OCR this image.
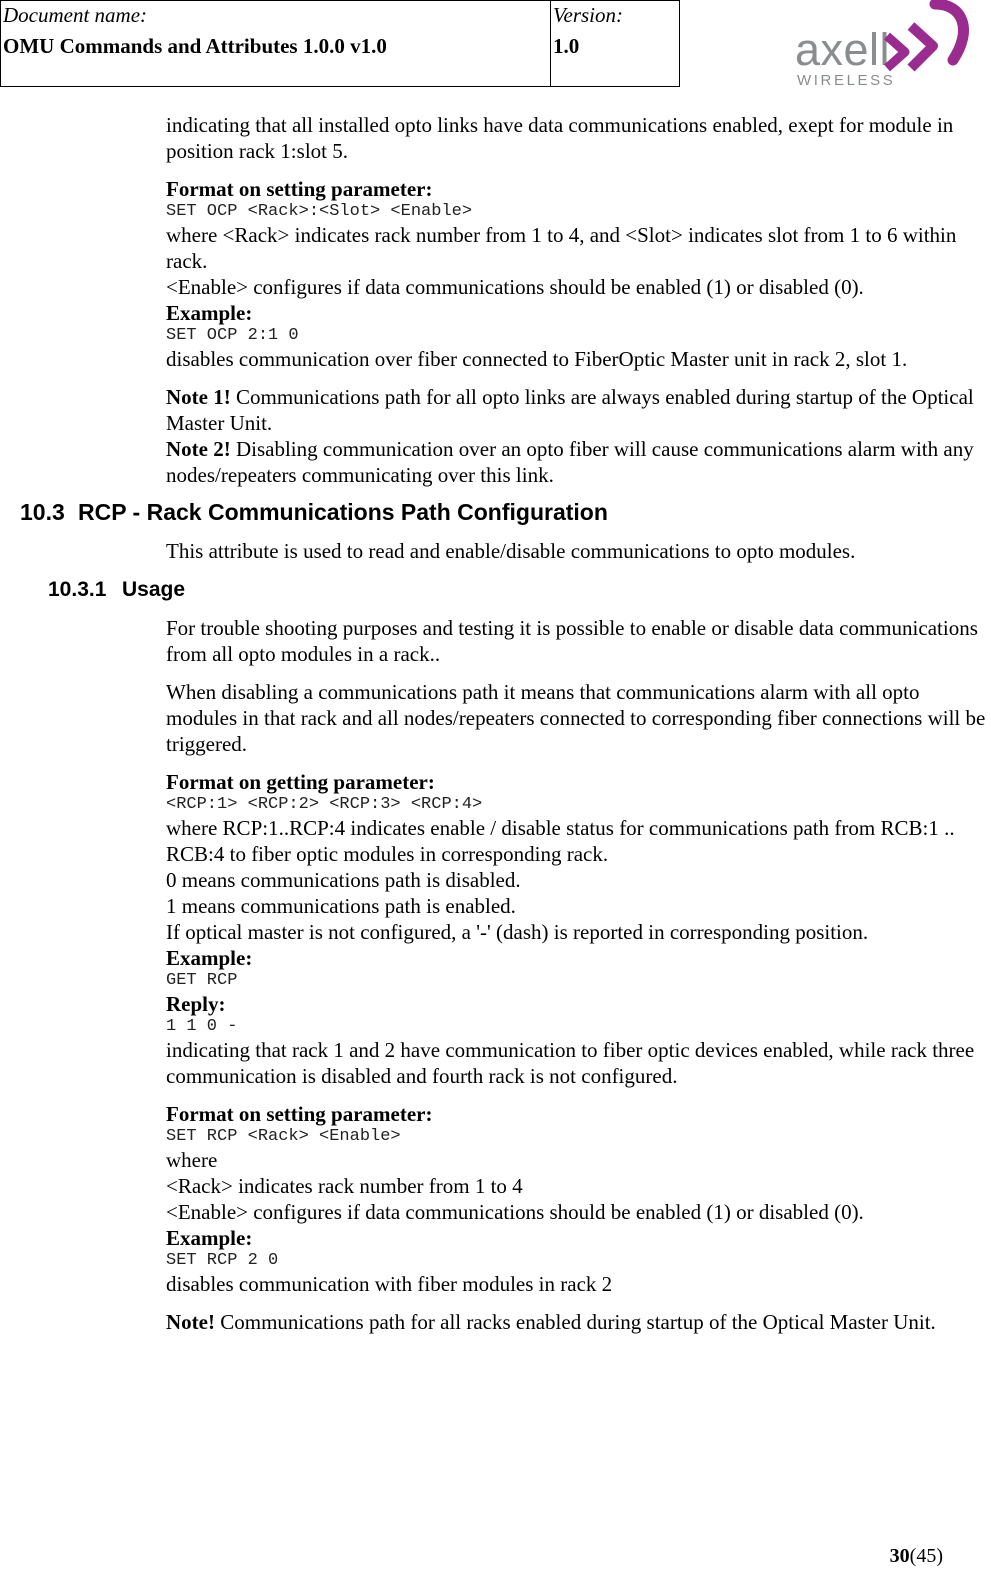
Document name:
OMU Commands and Attributes 1.0.0 v1.0

Version:
1.0	axell
WIRELESS

indicating that all installed opto links have data communications enabled, exept for module in position rack 1:slot 5.

Format on setting parameter:

SET OCP <Rack>:<Slot> <Enable>

where <Rack> indicates rack number from 1 to 4, and <Slot> indicates slot from 1 to 6 within rack.

<Enable> configures if data communications should be enabled (1) or disabled (0).

Example:

SET OCP 2:1 0

disables communication over fiber connected to FiberOptic Master unit in rack 2, slot 1.

Note 1! Communications path for all opto links are always enabled during startup of the Optical Master Unit.

Note 2! Disabling communication over an opto fiber will cause communications alarm with any nodes/repeaters communicating over this link.

10.3 RCP - Rack Communications Path Configuration

This attribute is used to read and enable/disable communications to opto modules.

10.3.1 Usage

For trouble shooting purposes and testing it is possible to enable or disable data communications from all opto modules in a rack..

When disabling a communications path it means that communications alarm with all opto modules in that rack and all nodes/repeaters connected to corresponding fiber connections will be triggered.

Format on getting parameter:

<RCP:1> <RCP:2> <RCP:3> <RCP:4>

where RCP:1..RCP:4 indicates enable / disable status for communications path from RCB:1 .. RCB:4 to fiber optic modules in corresponding rack.

0 means communications path is disabled.

1 means communications path is enabled.

If optical master is not configured, a '-' (dash) is reported in corresponding position.

Example:

GET RCP

Reply:

1 1 0 -

indicating that rack 1 and 2 have communication to fiber optic devices enabled, while rack three communication is disabled and fourth rack is not configured.

Format on setting parameter:

SET RCP <Rack> <Enable>

where

<Rack> indicates rack number from 1 to 4

<Enable> configures if data communications should be enabled (1) or disabled (0).

Example:

SET RCP 2 0

disables communication with fiber modules in rack 2

Note! Communications path for all racks enabled during startup of the Optical Master Unit.

30(45)
